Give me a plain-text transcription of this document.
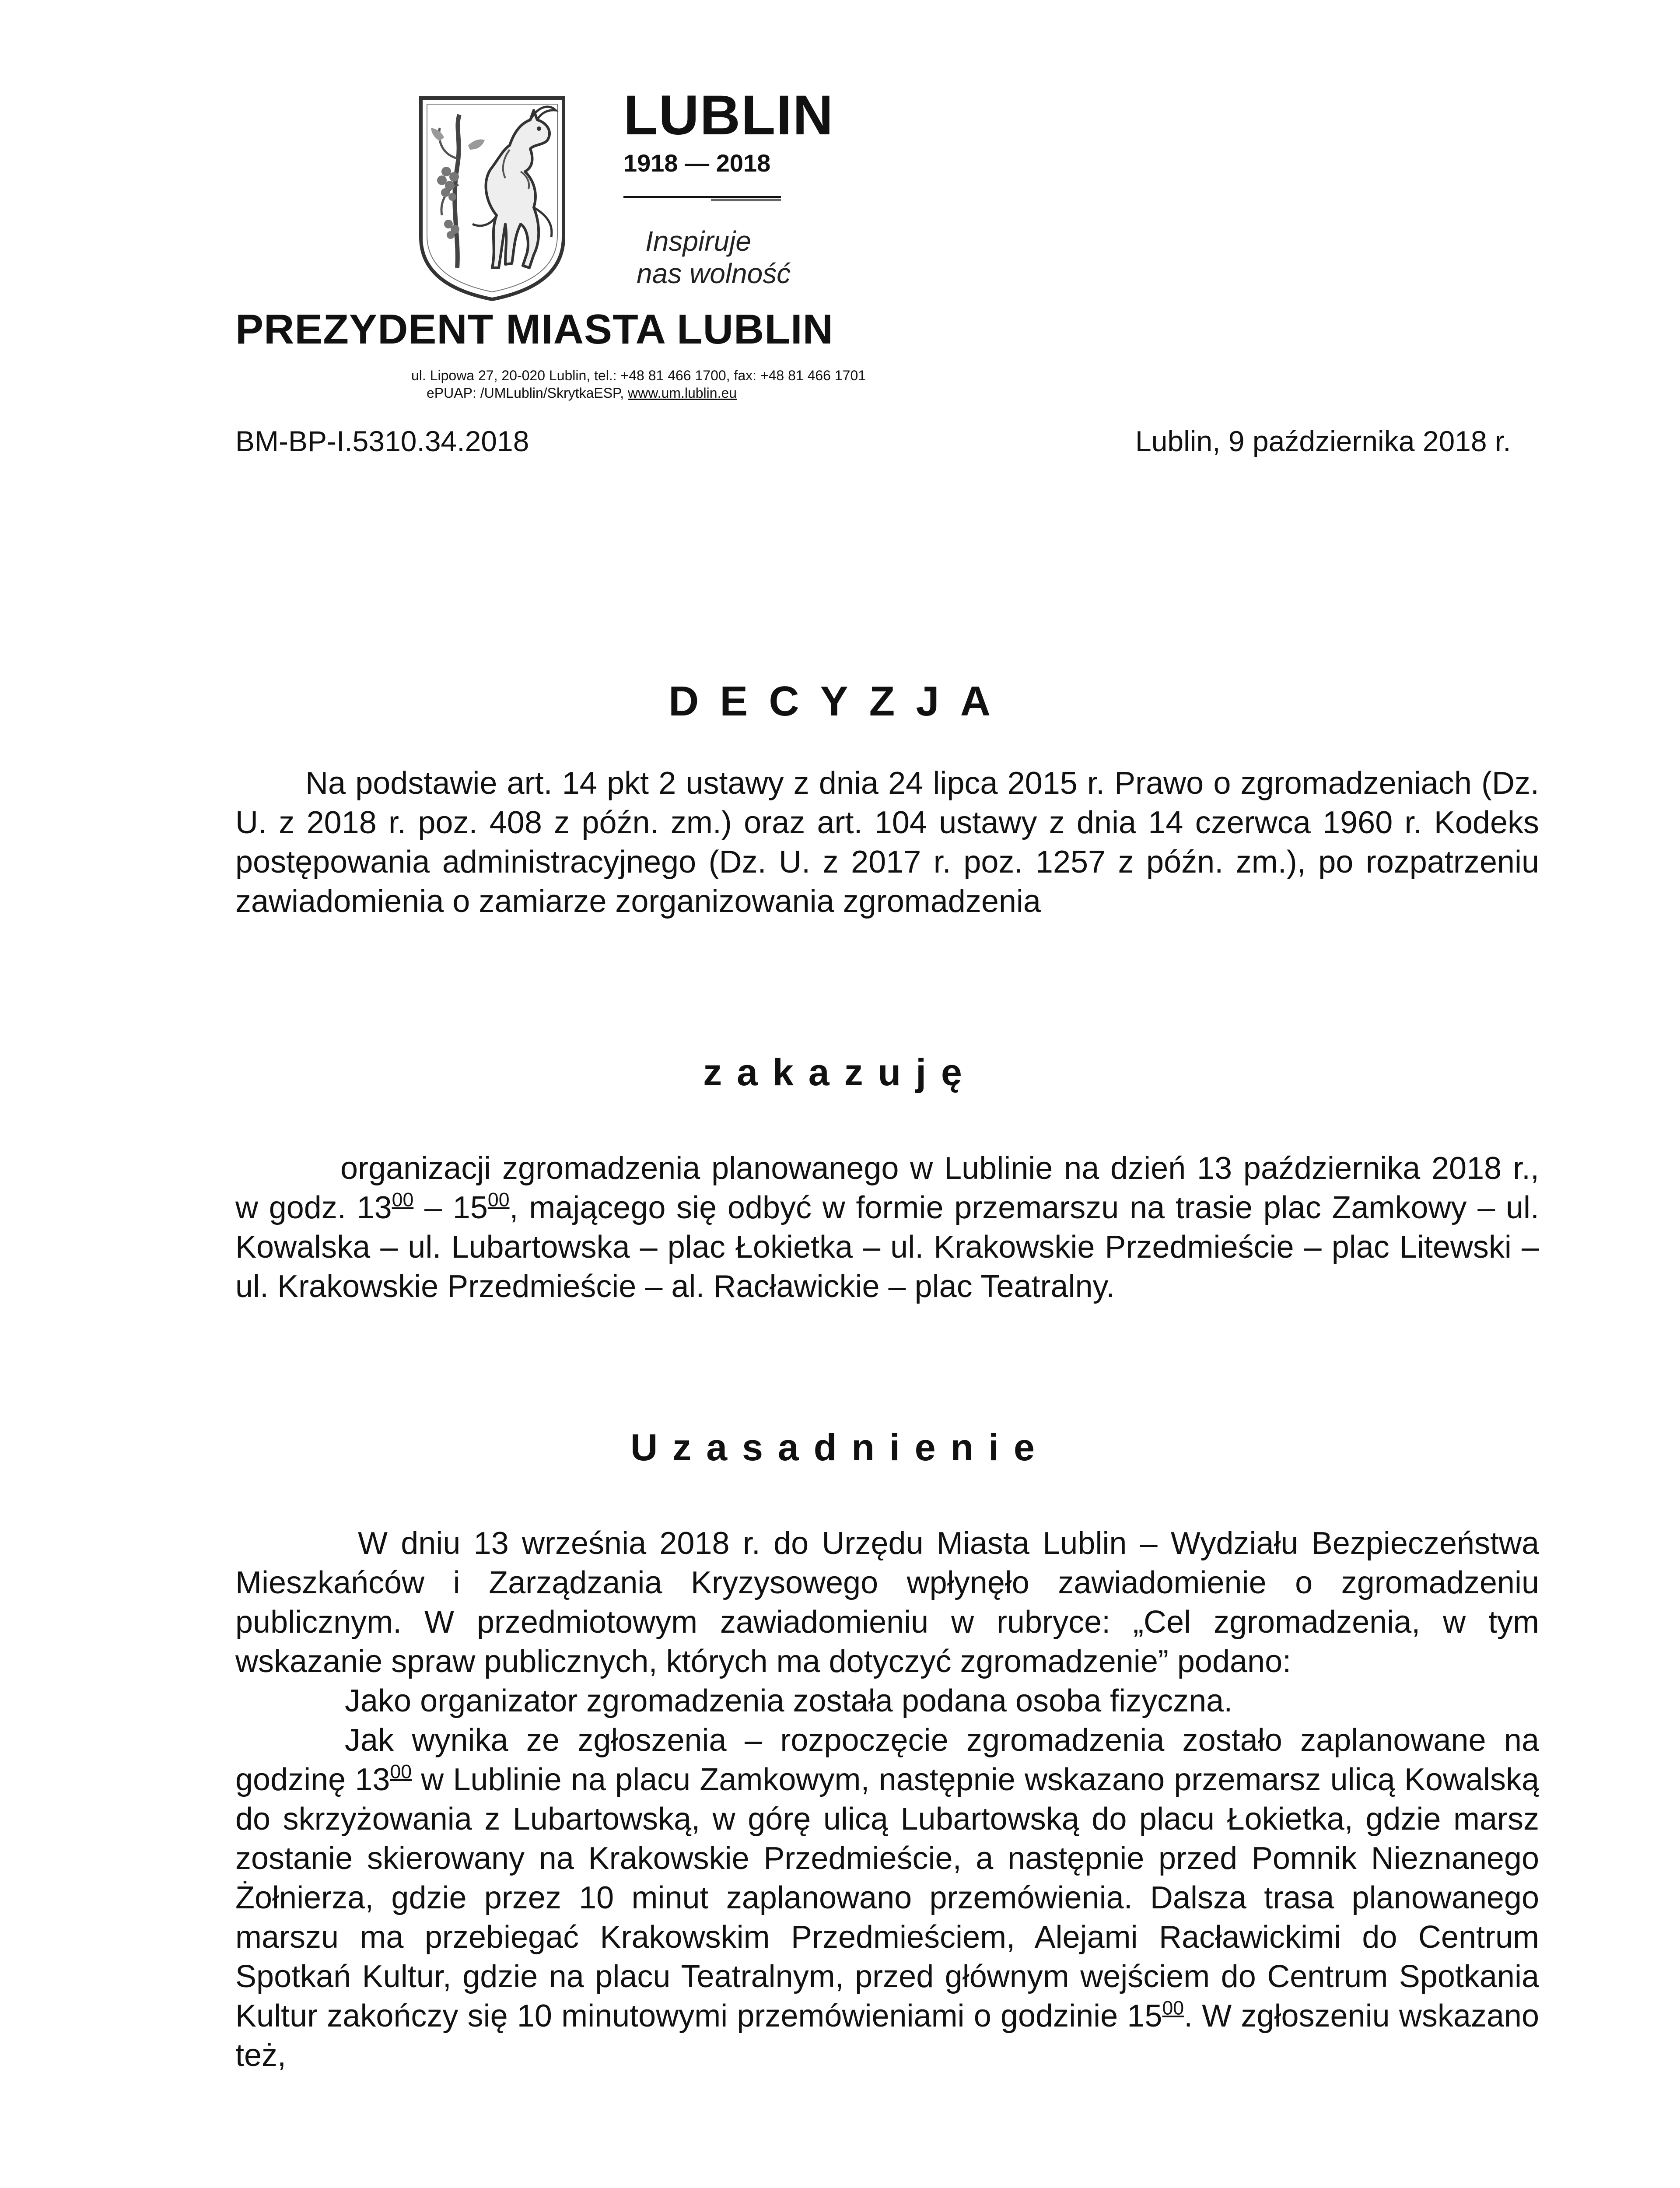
LUBLIN
1918 — 2018
Inspiruje
nas wolność
PREZYDENT MIASTA LUBLIN
ul. Lipowa 27, 20-020 Lublin, tel.: +48 81 466 1700, fax: +48 81 466 1701
ePUAP: /UMLublin/SkrytkaESP, www.um.lublin.eu
BM-BP-I.5310.34.2018	Lublin, 9 października 2018 r.
DECYZJA

Na podstawie art. 14 pkt 2 ustawy z dnia 24 lipca 2015 r. Prawo o zgromadzeniach (Dz. U. z 2018 r. poz. 408 z późn. zm.) oraz art. 104 ustawy z dnia 14 czerwca 1960 r. Kodeks postępowania administracyjnego (Dz. U. z 2017 r. poz. 1257 z późn. zm.), po rozpatrzeniu zawiadomienia o zamiarze zorganizowania zgromadzenia

zakazuję

organizacji zgromadzenia planowanego w Lublinie na dzień 13 października 2018 r., w godz. $13^{00} - 15^{00}$, mającego się odbyć w formie przemarszu na trasie plac Zamkowy – ul. Kowalska – ul. Lubartowska – plac Łokietka – ul. Krakowskie Przedmieście – plac Litewski – ul. Krakowskie Przedmieście – al. Racławickie – plac Teatralny.

Uzasadnienie

W dniu 13 września 2018 r. do Urzędu Miasta Lublin – Wydziału Bezpieczeństwa Mieszkańców i Zarządzania Kryzysowego wpłynęło zawiadomienie o zgromadzeniu publicznym. W przedmiotowym zawiadomieniu w rubryce: „Cel zgromadzenia, w tym wskazanie spraw publicznych, których ma dotyczyć zgromadzenie” podano:

Jako organizator zgromadzenia została podana osoba fizyczna.

Jak wynika ze zgłoszenia – rozpoczęcie zgromadzenia zostało zaplanowane na godzinę $13^{00}$ w Lublinie na placu Zamkowym, następnie wskazano przemarsz ulicą Kowalską do skrzyżowania z Lubartowską, w górę ulicą Lubartowską do placu Łokietka, gdzie marsz zostanie skierowany na Krakowskie Przedmieście, a następnie przed Pomnik Nieznanego Żołnierza, gdzie przez 10 minut zaplanowano przemówienia. Dalsza trasa planowanego marszu ma przebiegać Krakowskim Przedmieściem, Alejami Racławickimi do Centrum Spotkań Kultur, gdzie na placu Teatralnym, przed głównym wejściem do Centrum Spotkania Kultur zakończy się 10 minutowymi przemówieniami o godzinie $15^{00}$. W zgłoszeniu wskazano też,
